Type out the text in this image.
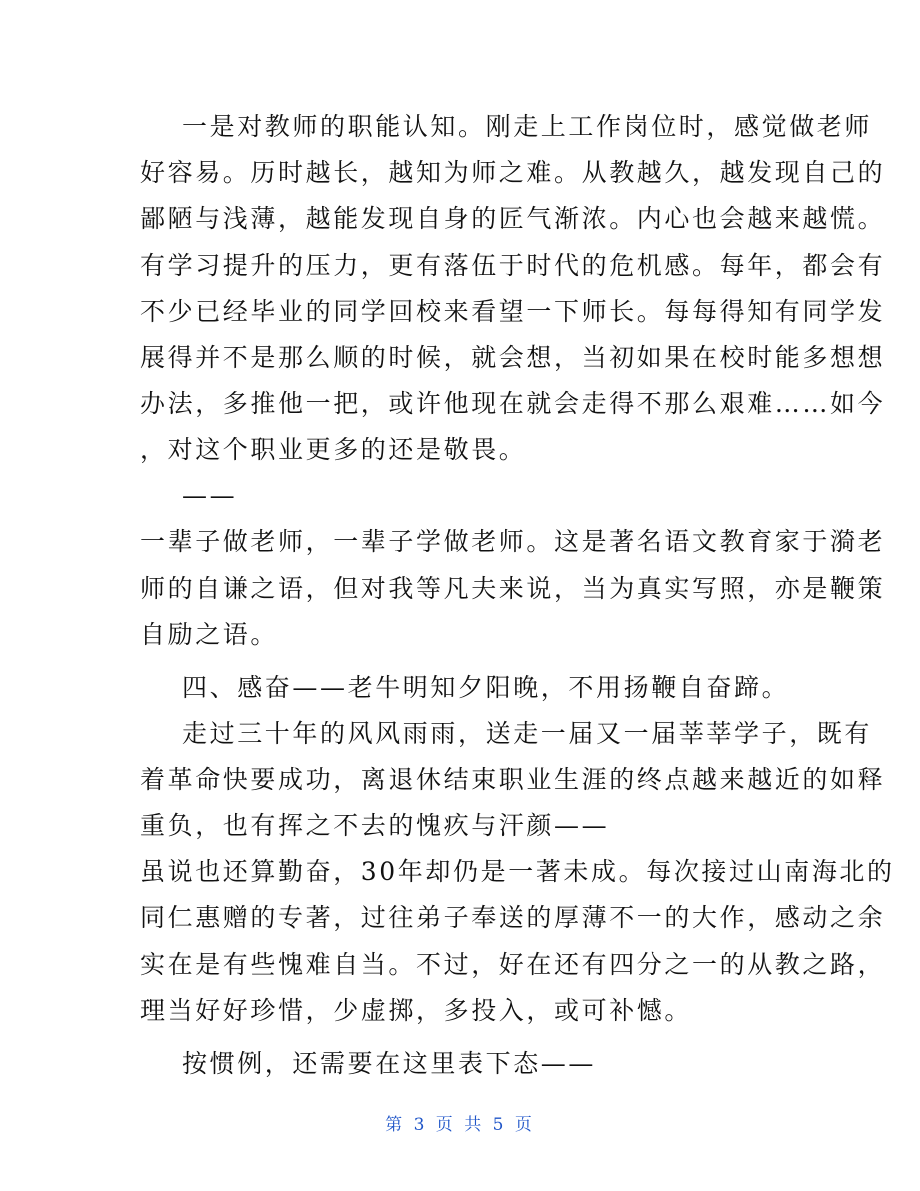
一是对教师的职能认知。刚走上工作岗位时，感觉做老师
好容易。历时越长，越知为师之难。从教越久，越发现自己的
鄙陋与浅薄，越能发现自身的匠气渐浓。内心也会越来越慌。
有学习提升的压力，更有落伍于时代的危机感。每年，都会有
不少已经毕业的同学回校来看望一下师长。每每得知有同学发
展得并不是那么顺的时候，就会想，当初如果在校时能多想想
办法，多推他一把，或许他现在就会走得不那么艰难……如今
，对这个职业更多的还是敬畏。
——
一辈子做老师，一辈子学做老师。这是著名语文教育家于漪老
师的自谦之语，但对我等凡夫来说，当为真实写照，亦是鞭策
自励之语。
四、感奋——老牛明知夕阳晚，不用扬鞭自奋蹄。
走过三十年的风风雨雨，送走一届又一届莘莘学子，既有
着革命快要成功，离退休结束职业生涯的终点越来越近的如释
重负，也有挥之不去的愧疚与汗颜——
虽说也还算勤奋，30年却仍是一著未成。每次接过山南海北的
同仁惠赠的专著，过往弟子奉送的厚薄不一的大作，感动之余
实在是有些愧难自当。不过，好在还有四分之一的从教之路，
理当好好珍惜，少虚掷，多投入，或可补憾。
按惯例，还需要在这里表下态——
第 3 页 共 5 页
